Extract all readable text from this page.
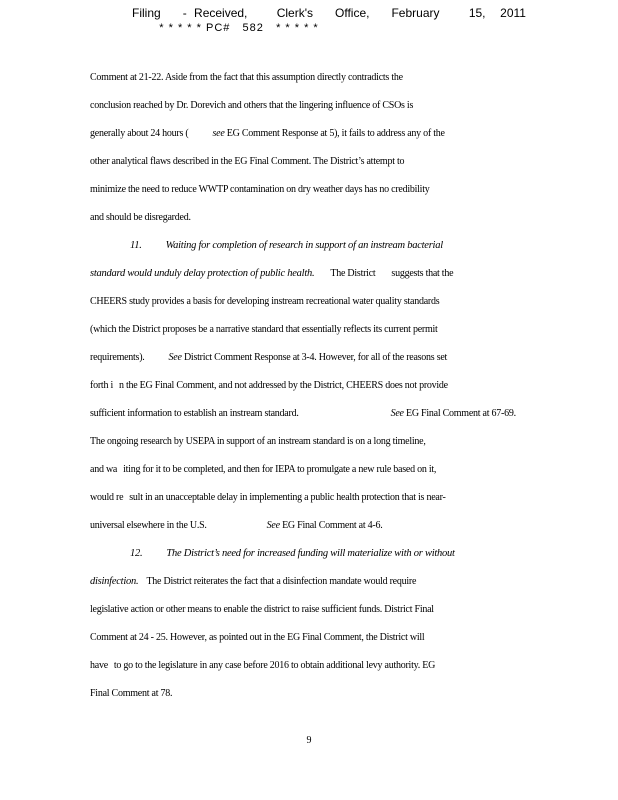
Filing   - Received,    Clerk's   Office,   February    15,  2011
* * * * * PC#   582   * * * * *
Comment at 21-22. Aside from the fact that this assumption directly contradicts the
conclusion reached by Dr. Dorevich and others that the lingering influence of CSOs is
generally about 24 hours ( see EG Comment Response at 5), it fails to address any of the
other analytical flaws described in the EG Final Comment. The District’s attempt to
minimize the need to reduce WWTP contamination on dry weather days has no credibility
and should be disregarded.
11. Waiting for completion of research in support of an instream bacterial
standard would unduly delay protection of public health. The District suggests that the
CHEERS study provides a basis for developing instream recreational water quality standards
(which the District proposes be a narrative standard that essentially reflects its current permit
requirements). See District Comment Response at 3-4. However, for all of the reasons set
forth i n the EG Final Comment, and not addressed by the District, CHEERS does not provide
sufficient information to establish an instream standard.	See EG Final Comment at 67-69.
The ongoing research by USEPA in support of an instream standard is on a long timeline,
and wa iting for it to be completed, and then for IEPA to promulgate a new rule based on it,
would re sult in an unacceptable delay in implementing a public health protection that is near-
universal elsewhere in the U.S.	See EG Final Comment at 4-6.
12. The District’s need for increased funding will materialize with or without
disinfection. The District reiterates the fact that a disinfection mandate would require
legislative action or other means to enable the district to raise sufficient funds. District Final
Comment at 24 - 25. However, as pointed out in the EG Final Comment, the District will
have to go to the legislature in any case before 2016 to obtain additional levy authority. EG
Final Comment at 78.
9
